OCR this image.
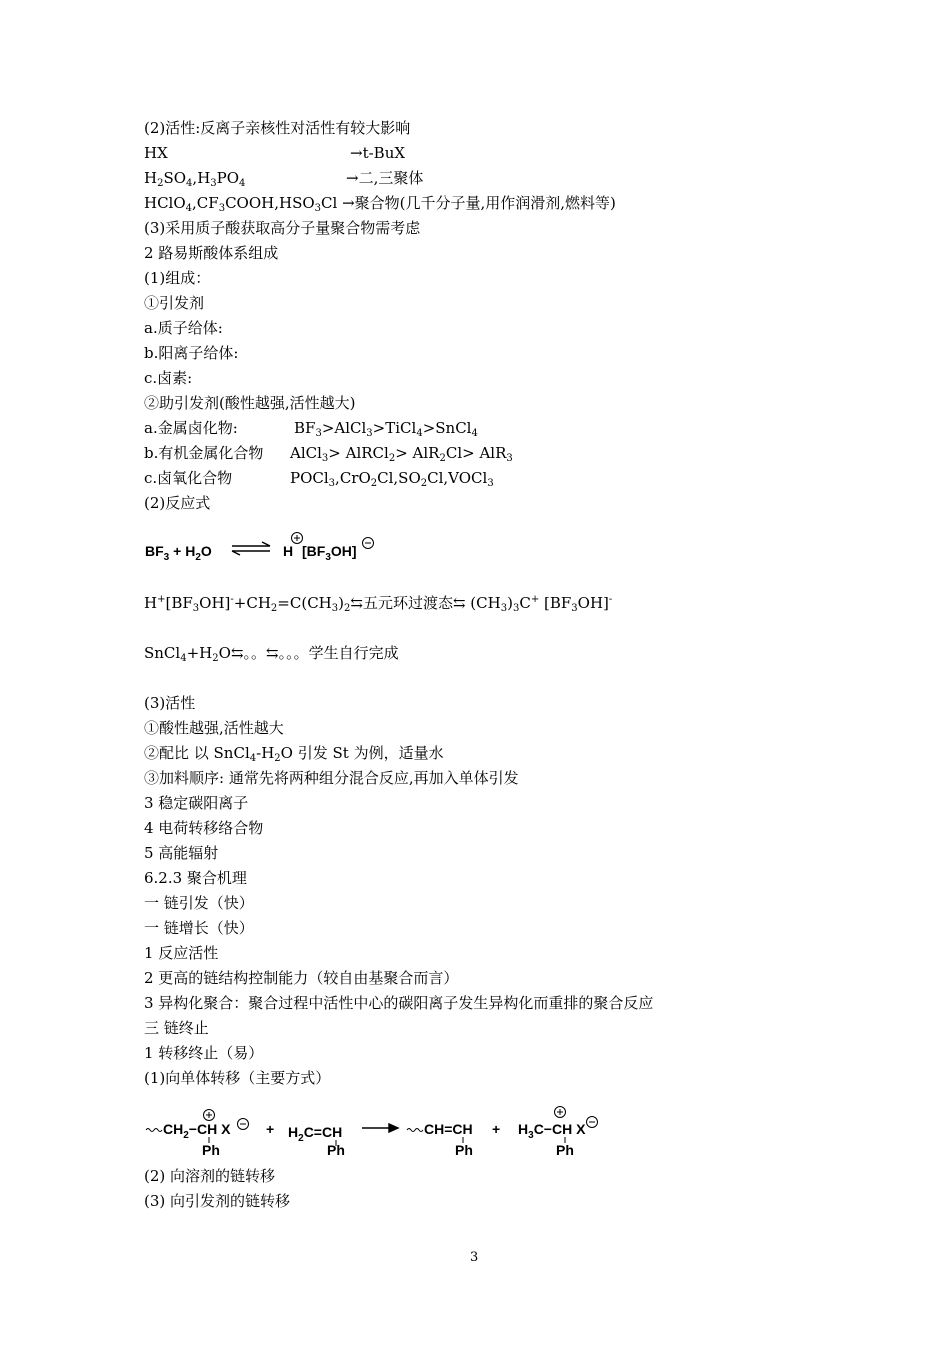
(2)活性:反离子亲核性对活性有较大影响
HX	→t-BuX
$H_2SO_4,H_3PO_4$	→二,三聚体
$HClO_4,CF_3COOH,HSO_3Cl$ →聚合物(几千分子量,用作润滑剂,燃料等)
(3)采用质子酸获取高分子量聚合物需考虑
2 路易斯酸体系组成
(1)组成：
①引发剂
a.质子给体:
b.阳离子给体:
c.卤素:
②助引发剂(酸性越强,活性越大)
a.金属卤化物:	$BF_3>AlCl_3>TiCl_4>SnCl_4$
b.有机金属化合物 AlCl$_3$> AlRCl$_2$> AlR$_2$Cl> AlR$_3$
c.卤氧化合物	$POCl_3,CrO_2Cl,SO_2Cl,VOCl_3$
(2)反应式
$BF_3 + H_2O$	H $[BF_3OH]$
$H^+[BF_3OH]^-+CH_2=C(CH_3)_2⇆$五元环过渡态⇆ $(CH_3)_3C^+$ $[BF_3OH]^-$
$SnCl_4+H_2O⇆$。。⇆。。。学生自行完成
(3)活性
①酸性越强,活性越大
②配比 以 $SnCl_4-H_2O$ 引发 St 为例，适量水
③加料顺序: 通常先将两种组分混合反应,再加入单体引发
3 稳定碳阳离子
4 电荷转移络合物
5 高能辐射
6.2.3 聚合机理
一 链引发（快）
一 链增长（快）
1 反应活性
2 更高的链结构控制能力（较自由基聚合而言）
3 异构化聚合：聚合过程中活性中心的碳阳离子发生异构化而重排的聚合反应
三 链终止
1 转移终止（易）
(1)向单体转移（主要方式）
$CH_2-CH$ X
Ph
+ $H_2C=CH$
Ph
CH=CH
Ph
+ $H_3C-CH$ X
Ph
(2) 向溶剂的链转移
(3) 向引发剂的链转移
3
